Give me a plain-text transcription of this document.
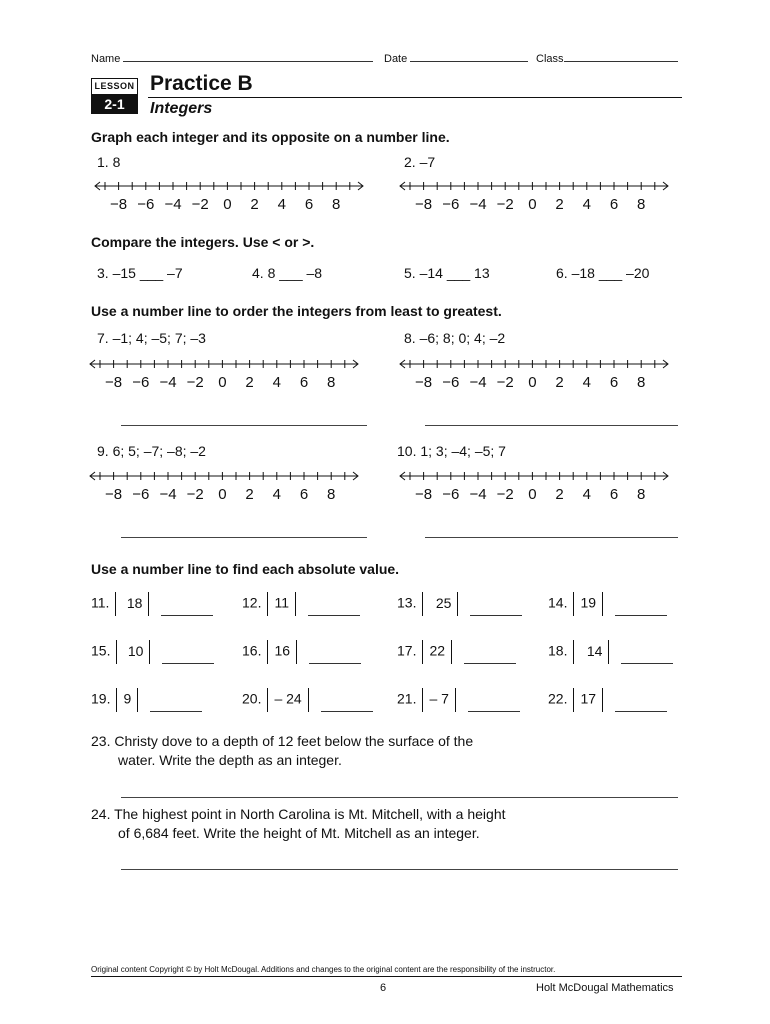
Name	Date	Class
LESSON
2-1
Practice B
Integers
Graph each integer and its opposite on a number line.
1. 8	2. –7
−8 −6 −4 −2 0 2 4 6 8	−8 −6 −4 −2 0 2 4 6 8
Compare the integers. Use < or >.
3. –15 ___ –7	4. 8 ___ –8	5. –14 ___ 13	6. –18 ___ –20
Use a number line to order the integers from least to greatest.
7. –1; 4; –5; 7; –3	8. –6; 8; 0; 4; –2
−8 −6 −4 −2 0 2 4 6 8	−8 −6 −4 −2 0 2 4 6 8
9. 6; 5; –7; –8; –2	10. 1; 3; –4; –5; 7
−8 −6 −4 −2 0 2 4 6 8	−8 −6 −4 −2 0 2 4 6 8
Use a number line to find each absolute value.
11. 18	12. 11	13. 25	14. 19
15. 10	16. 16	17. 22	18. 14
19. 9	20. – 24	21. – 7	22. 17
23. Christy dove to a depth of 12 feet below the surface of the
water. Write the depth as an integer.
24. The highest point in North Carolina is Mt. Mitchell, with a height
of 6,684 feet. Write the height of Mt. Mitchell as an integer.
Original content Copyright © by Holt McDougal. Additions and changes to the original content are the responsibility of the instructor.
6	Holt McDougal Mathematics
